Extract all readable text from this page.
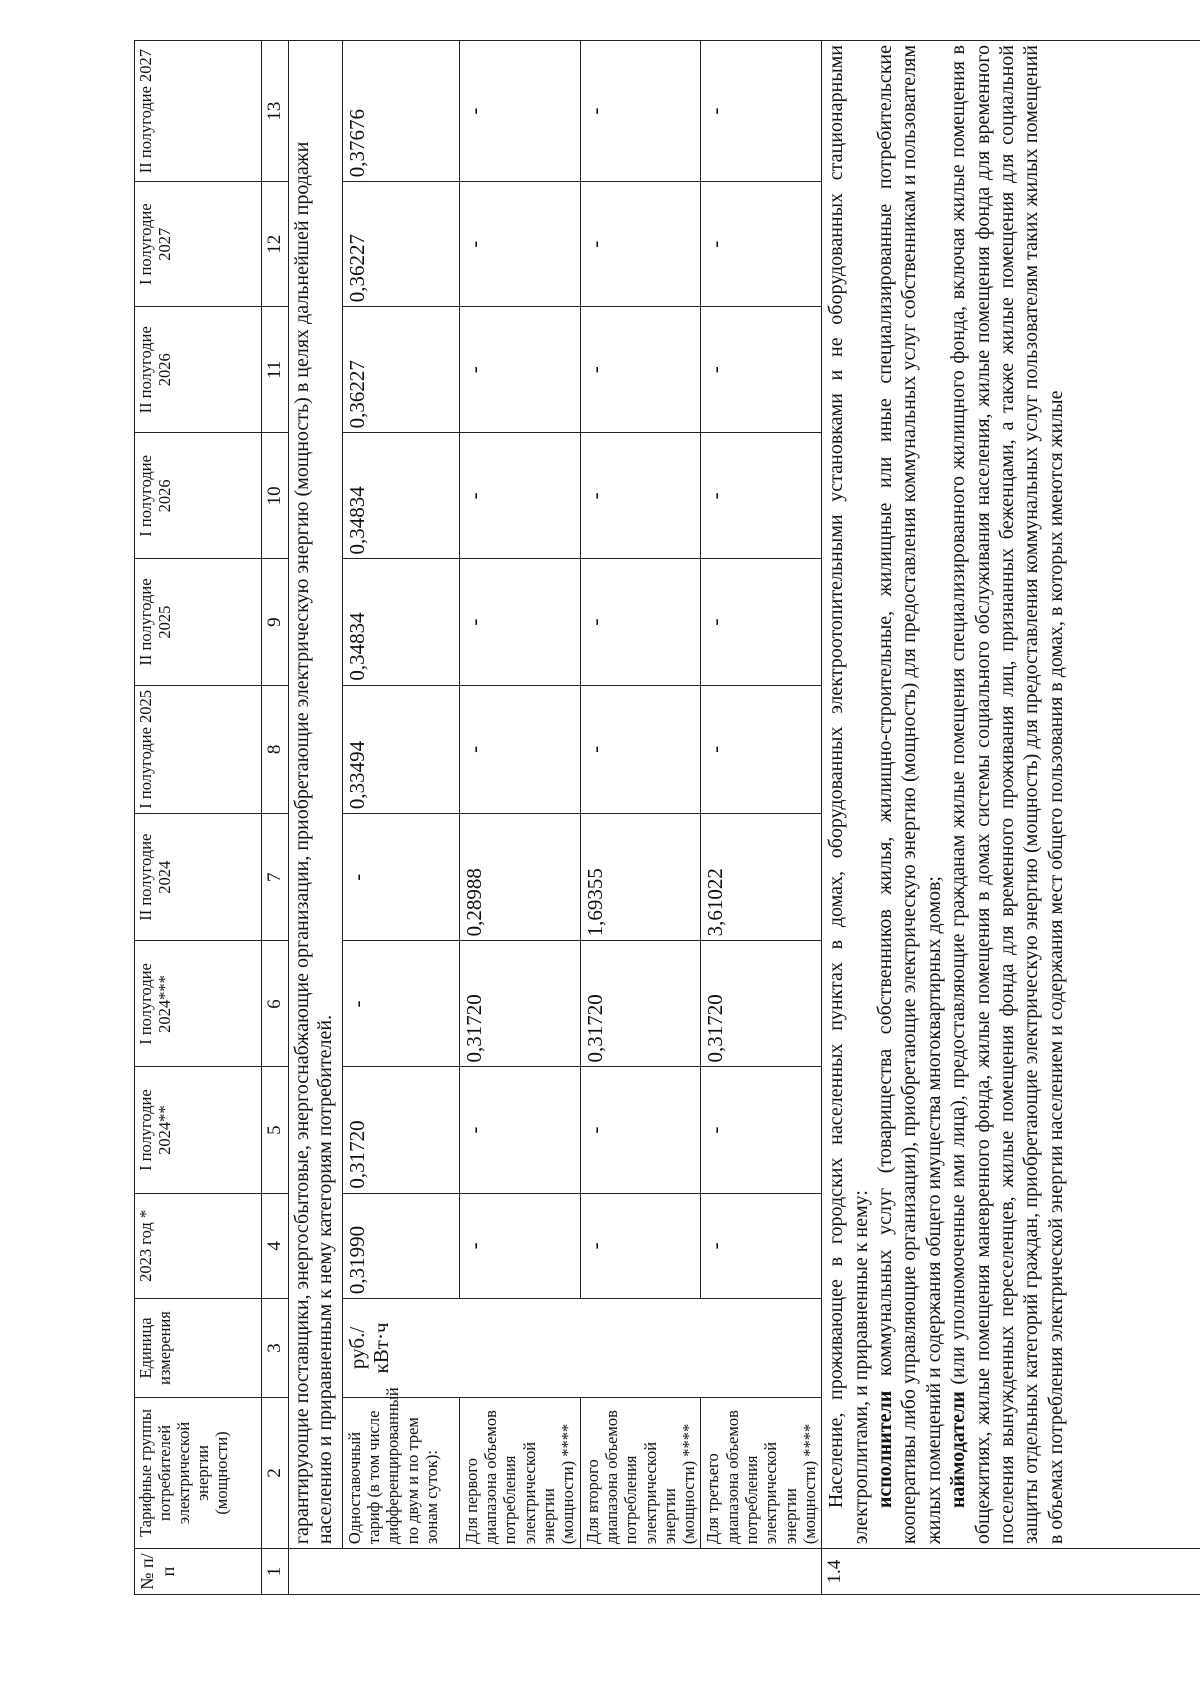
№ п/п	Тарифные группы потребителей электрической энергии (мощности)	Единица измерения	2023 год *	I полугодие 2024**	I полугодие 2024***	II полугодие 2024	I полугодие 2025	II полугодие 2025	I полугодие 2026	II полугодие 2026	I полугодие 2027	II полугодие 2027
1	2	3	4	5	6	7	8	9	10	11	12	13
	гарантирующие поставщики, энергосбытовые, энергоснабжающие организации, приобретающие электрическую энергию (мощность) в целях дальнейшей продажи населению и приравненным к нему категориям потребителей.											
	Одноставочный тариф (в том числе дифференцированный по двум и по трем зонам суток):	руб./кВт·ч	0,31990	0,31720	-	-	0,33494	0,34834	0,34834	0,36227	0,36227	0,37676
	Для первого диапазона объемов потребления электрической энергии (мощности) ****		-	-	0,31720	0,28988	-	-	-	-	-	-
	Для второго диапазона объемов потребления электрической энергии (мощности) ****		-	-	0,31720	1,69355	-	-	-	-	-	-
	Для третьего диапазона объемов потребления электрической энергии (мощности) ****		-	-	0,31720	3,61022	-	-	-	-	-	-
1.4	Население, проживающее в городских населенных пунктах в домах, оборудованных электроотопительными установками и не оборудованных стационарными электроплитами, и приравненные к нему: исполнители коммунальных услуг (товарищества собственников жилья, жилищно-строительные, жилищные или иные специализированные потребительские кооперативы либо управляющие организации), приобретающие электрическую энергию (мощность) для предоставления коммунальных услуг собственникам и пользователям жилых помещений и содержания общего имущества многоквартирных домов; наймодатели (или уполномоченные ими лица), предоставляющие гражданам жилые помещения специализированного жилищного фонда, включая жилые помещения в общежитиях, жилые помещения маневренного фонда, жилые помещения в домах системы социального обслуживания населения, жилые помещения фонда для временного поселения вынужденных переселенцев, жилые помещения фонда для временного проживания лиц, признанных беженцами, а также жилые помещения для социальной защиты отдельных категорий граждан, приобретающие электрическую энергию (мощность) для предоставления коммунальных услуг пользователям таких жилых помещений в объемах потребления электрической энергии населением и содержания мест общего пользования в домах, в которых имеются жилые											
